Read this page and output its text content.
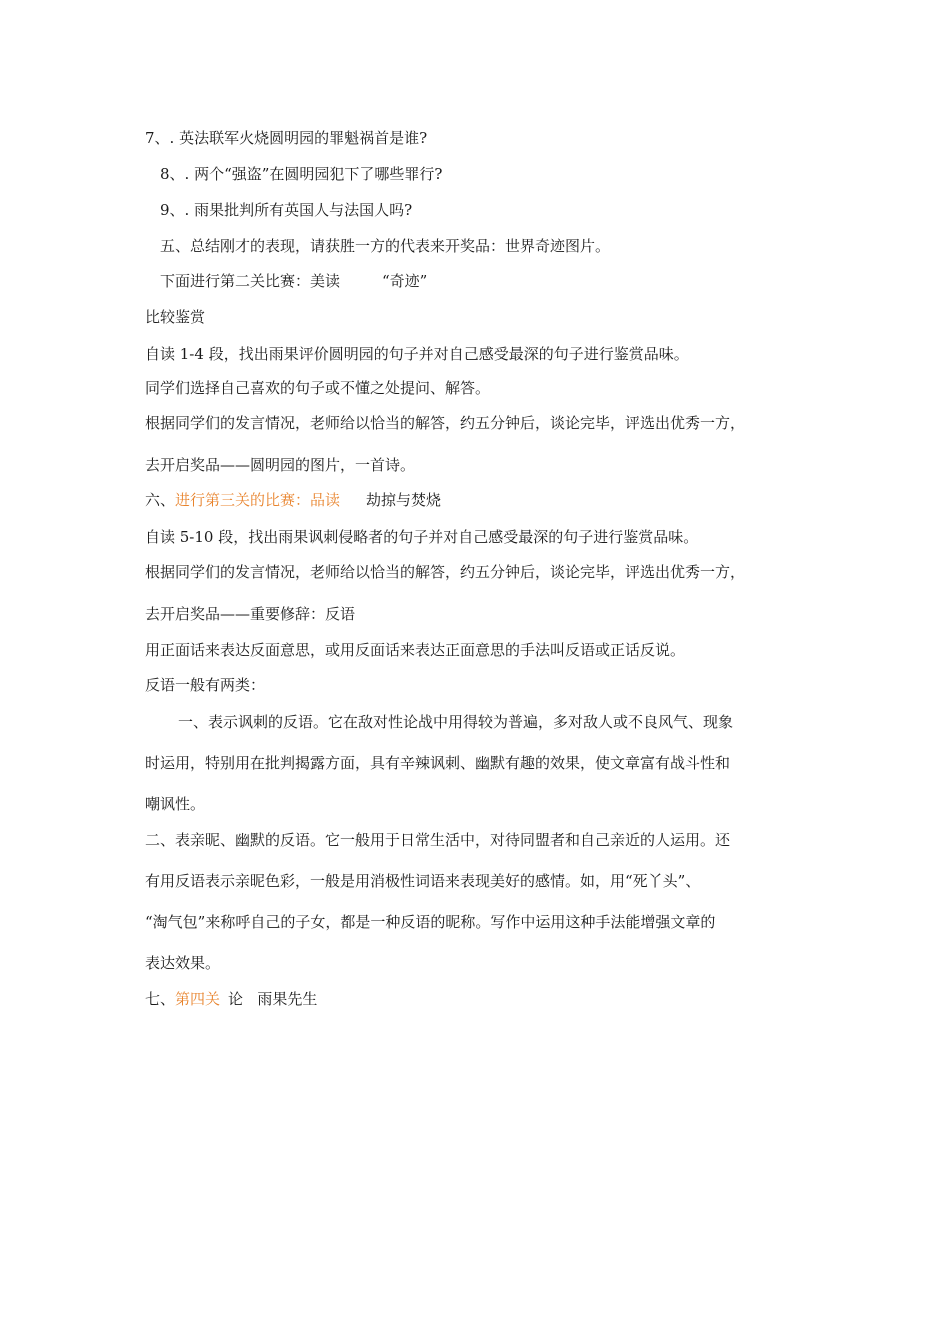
7、. 英法联军火烧圆明园的罪魁祸首是谁?
8、. 两个“强盗”在圆明园犯下了哪些罪行?
9、. 雨果批判所有英国人与法国人吗?
五、总结刚才的表现，请获胜一方的代表来开奖品：世界奇迹图片。
下面进行第二关比赛：美读	“奇迹”
比较鉴赏
自读 1-4 段，找出雨果评价圆明园的句子并对自己感受最深的句子进行鉴赏品味。
同学们选择自己喜欢的句子或不懂之处提问、解答。
根据同学们的发言情况，老师给以恰当的解答，约五分钟后，谈论完毕，评选出优秀一方，
去开启奖品——圆明园的图片，一首诗。
六、进行第三关的比赛：品读 劫掠与焚烧
自读 5-10 段，找出雨果讽刺侵略者的句子并对自己感受最深的句子进行鉴赏品味。
根据同学们的发言情况，老师给以恰当的解答，约五分钟后，谈论完毕，评选出优秀一方，
去开启奖品——重要修辞：反语
用正面话来表达反面意思，或用反面话来表达正面意思的手法叫反语或正话反说。
反语一般有两类：
一、表示讽刺的反语。它在敌对性论战中用得较为普遍，多对敌人或不良风气、现象
时运用，特别用在批判揭露方面，具有辛辣讽刺、幽默有趣的效果，使文章富有战斗性和
嘲讽性。
二、表亲昵、幽默的反语。它一般用于日常生活中，对待同盟者和自己亲近的人运用。还
有用反语表示亲昵色彩，一般是用消极性词语来表现美好的感情。如，用“死丫头”、
“淘气包”来称呼自己的子女，都是一种反语的昵称。写作中运用这种手法能增强文章的
表达效果。
七、第四关 论   雨果先生
